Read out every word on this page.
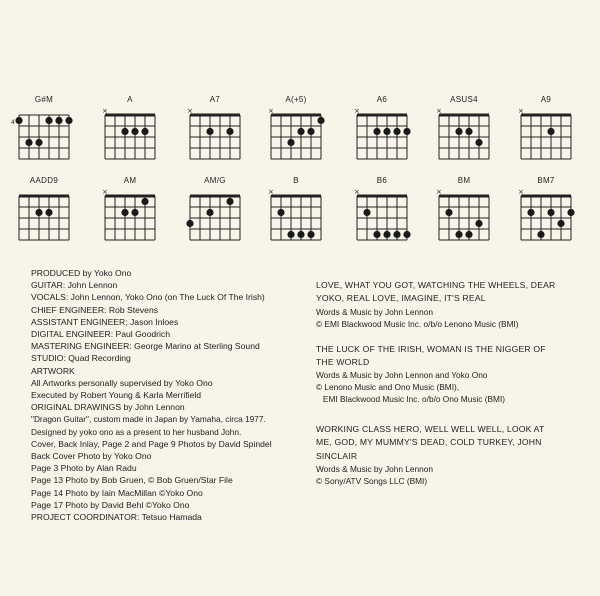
G#M
4
A
×
A7
×
A(+5)
×
A6
×
ASUS4
×
A9
×
AADD9	AM
×
AM/G	B
×
B6
×
BM
×
BM7
×
PRODUCED by Yoko Ono
GUITAR: John Lennon
VOCALS: John Lennon, Yoko Ono (on The Luck Of The Irish)
CHIEF ENGINEER: Rob Stevens
ASSISTANT ENGINEER: Jason Inloes
DIGITAL ENGINEER: Paul Goodrich
MASTERING ENGINEER: George Marino at Sterling Sound
STUDIO: Quad Recording
ARTWORK
All Artworks personally supervised by Yoko Ono
Executed by Robert Young & Karla Merrifield
ORIGINAL DRAWINGS by John Lennon
"Dragon Guitar", custom made in Japan by Yamaha, circa 1977.
Designed by yoko ono as a present to her husband John.
Cover, Back Inlay, Page 2 and Page 9 Photos by David Spindel
Back Cover Photo by Yoko Ono
Page 3 Photo by Alan Radu
Page 13 Photo by Bob Gruen, © Bob Gruen/Star File
Page 14 Photo by Iain MacMillan ©Yoko Ono
Page 17 Photo by David Behl ©Yoko Ono
PROJECT COORDINATOR: Tetsuo Hamada
LOVE, WHAT YOU GOT, WATCHING THE WHEELS, DEAR
YOKO, REAL LOVE, IMAGINE, IT'S REAL
Words & Music by John Lennon
© EMI Blackwood Music Inc. o/b/o Lenono Music (BMI)
THE LUCK OF THE IRISH, WOMAN IS THE NIGGER OF
THE WORLD
Words & Music by John Lennon and Yoko Ono
© Lenono Music and Ono Music (BMI),
EMI Blackwood Music Inc. o/b/o Ono Music (BMI)
WORKING CLASS HERO, WELL WELL WELL, LOOK AT
ME, GOD, MY MUMMY'S DEAD, COLD TURKEY, JOHN
SINCLAIR
Words & Music by John Lennon
© Sony/ATV Songs LLC (BMI)
